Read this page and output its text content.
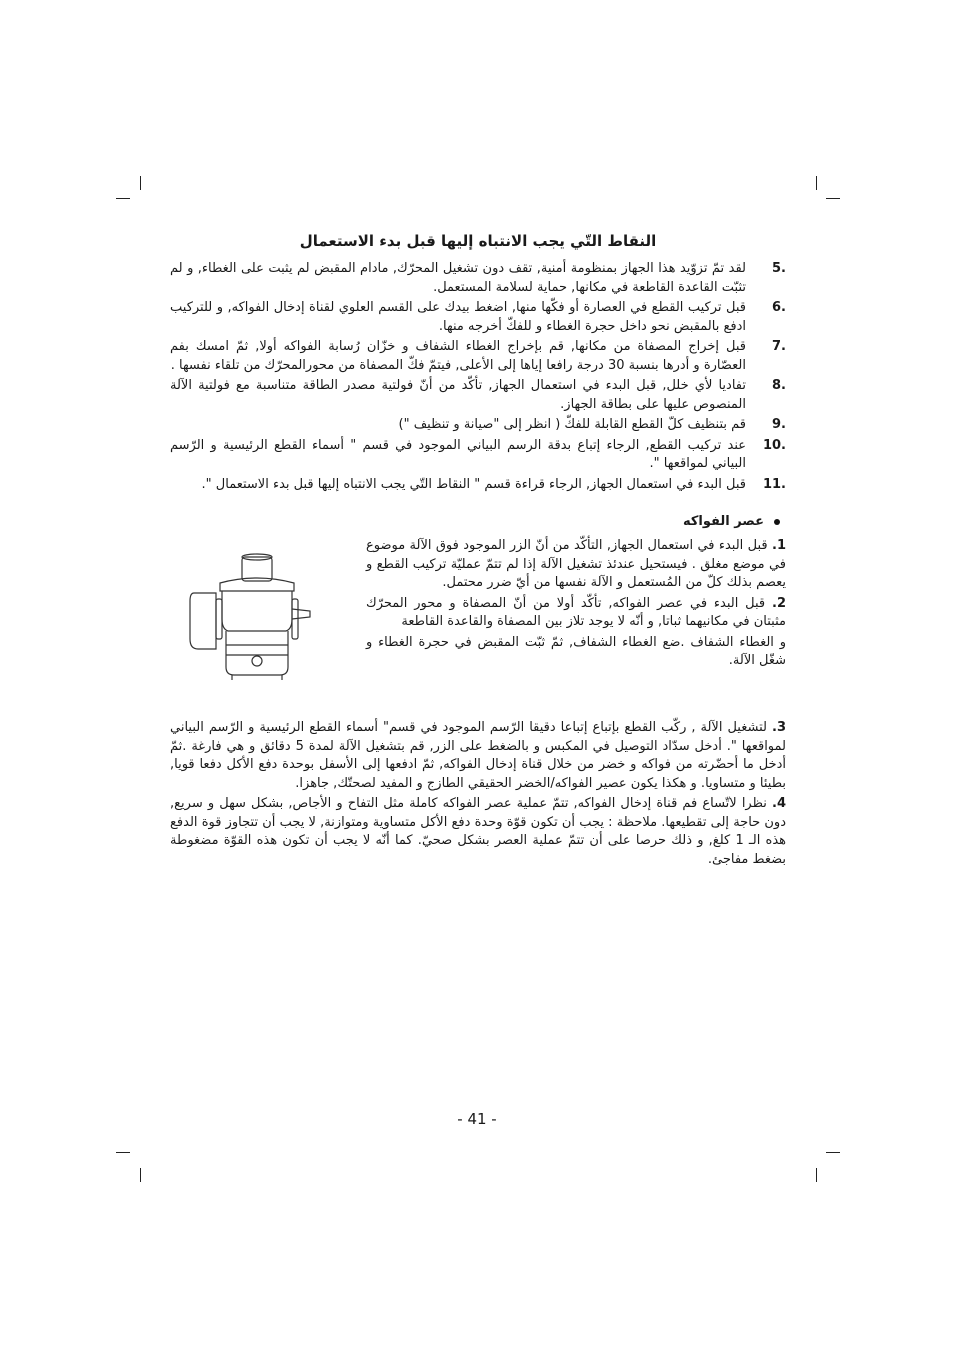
النقاط التّي يجب الانتباه إليها قبل بدء الاستعمال
.5
لقد تمّ تزوّيد هذا الجهاز بمنظومة أمنية, تقف دون تشغيل المحرّك, مادام المقبض لم يثبت على الغطاء, و لم تثبّت القاعدة القاطعة في مكانها, حماية لسلامة المستعمل.
.6
قبل تركيب القطع في العصارة أو فكّها منها, اضغط بيدك على القسم العلوي لقناة إدخال الفواكه, و للتركيب ادفع بالمقبض نحو داخل حجرة الغطاء و للفكّ أخرجه منها.
.7
قبل إخراج المصفاة من مكانها, قم بإخراج الغطاء الشفاف و خزّان رُسابة الفواكه أولا, ثمّ امسك بفم العصّارة و أدرها بنسبة 30 درجة رافعا إياها إلى الأعلى, فيتمّ فكّ المصفاة من محورالمحرّك من تلقاء نفسها .
.8
تفاديا لأي خلل, قبل البدء في استعمال الجهاز, تأكّد من أنّ فولتية مصدر الطاقة متناسبة مع فولتية الآلة المنصوص عليها على بطاقة الجهاز.
.9
قم بتنظيف كلّ القطع القابلة للفكّ ( انظر إلى "صيانة و تنظيف ")
.10
عند تركيب القطع, الرجاء إتباع بدقة الرسم البياني الموجود في قسم " أسماء القطع الرئيسية و الرّسم البياني لمواقعها ".
.11
قبل البدء في استعمال الجهاز, الرجاء قراءة قسم " النقاط التّي يجب الانتباه إليها قبل بدء الاستعمال ".
عصر الفواكه

1. قبل البدء في استعمال الجهاز, التأكّد من أنّ الزر الموجود فوق الآلة موضوع في موضع مغلق . فيستحيل عندئذ تشغيل الآلة إذا لم تتمّ عمليّة تركيب القطع و يعصم بذلك كلّ من المُستعمل و الآلة نفسها من أيّ ضرر محتمل.

2. قبل البدء في عصر الفواكه, تأكّد أولا من أنّ المصفاة و محور المحرّك مثبتان في مكانيهما ثباتا, و أنّه لا يوجد تلاز بين المصفاة والقاعدة القاطعة

و الغطاء الشفاف .ضع الغطاء الشفاف, ثمّ ثبّت المقبض في حجرة الغطاء و شغّل الآلة.

3. لتشغيل الآلة , ركّب القطع بإتباع إتباعا دقيقا الرّسم الموجود في قسم" أسماء القطع الرئيسية و الرّسم البياني لمواقعها ". أدخل سدّاد التوصيل في المكبس و بالضغط على الزر, قم بتشغيل الآلة لمدة 5 دقائق و هي فارغة .ثمّ أدخل ما أحضّرته من فواكه و خضر من خلال قناة إدخال الفواكه, ثمّ ادفعها إلى الأسفل بوحدة دفع الأكل دفعا قويا, بطيئا و متساويا. و هكذا يكون عصير الفواكه/الخضر الحقيقي الطازج و المفيد لصحتّك, جاهزا.

4. نظرا لاتّساع فم قناة إدخال الفواكه, تتمّ عملية عصر الفواكه كاملة مثل التفاح و الأجاص, بشكل سهل و سريع, دون حاجة إلى تقطيعها. ملاحظة : يجب أن تكون قوّة وحدة دفع الأكل متساوية ومتوازنة, لا يجب أن تتجاوز قوة الدفع هذه الـ 1 كلغ, و ذلك حرصا على أن تتمّ عملية العصر بشكل صحيّ. كما أنّه لا يجب أن تكون هذه القوّة مضغوطة بضغط مفاجئ.

- 41 -
